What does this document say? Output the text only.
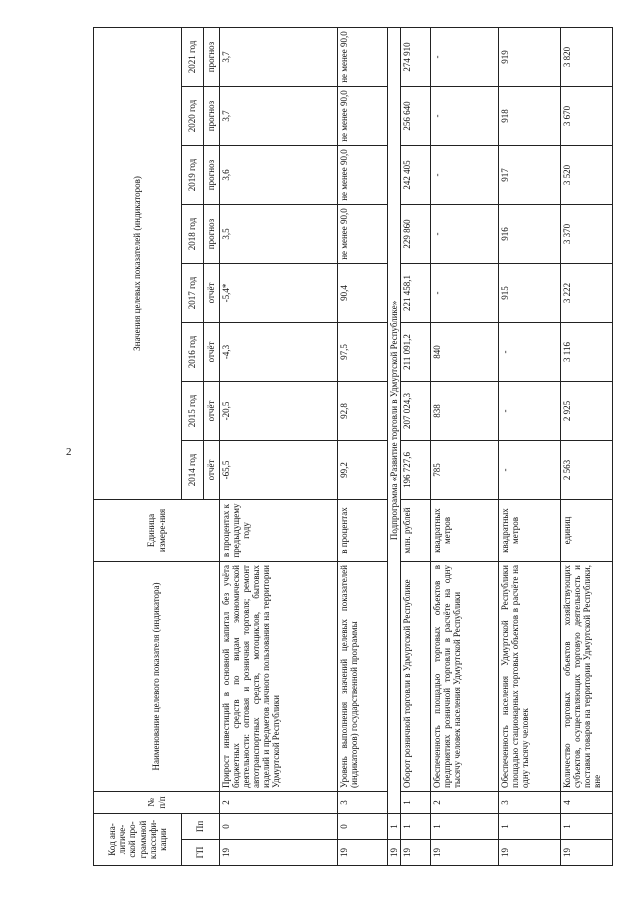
2
Код ана-литиче-ской про-граммной классифи-кации		№ п/п	Наименование целевого показателя (индикатора)	Единица измере-ния	Значения целевых показателей (индикаторов)							
ГП	Пп											
					2014 год	2015 год	2016 год	2017 год	2018 год	2019 год	2020 год	2021 год
					отчёт	отчёт	отчёт	отчёт	прогноз	прогноз	прогноз	прогноз
19	0	2	Прирост инвестиций в основной капитал без учёта бюджетных средств по видам экономической деятельности: оптовая и розничная торговля; ремонт автотранспортных средств, мотоциклов, бытовых изделий и предметов личного пользования на территории Удмуртской Республики	в процентах к предыдущему году	-65,5	-20,5	-4,3	-5,4*	3,5	3,6	3,7	3,7
19	0	3	Уровень выполнения значений целевых показателей (индикаторов) государственной программы	в процентах	99,2	92,8	97,5	90,4	не менее 90,0	не менее 90,0	не менее 90,0	не менее 90,0
19	1	Подпрограмма «Развитие торговли в Удмуртской Республике»										
19	1	1	Оборот розничной торговли в Удмуртской Республике	млн. рублей	196 727,6	207 024,3	211 091,2	221 458,1	229 860	242 405	256 640	274 910
19	1	2	Обеспеченность площадью торговых объектов в предприятиях розничной торговли в расчёте на одну тысячу человек населения Удмуртской Республики	квадратных метров	785	838	840	-	-	-	-	-
19	1	3	Обеспеченность населения Удмуртской Республики площадью стационарных торговых объектов в расчёте на одну тысячу человек	квадратных метров	-	-	-	915	916	917	918	919
19	1	4	Количество торговых объектов хозяйствующих субъектов, осуществляющих торговую деятельность и поставки товаров на территории Удмуртской Республики, вне	единиц	2 563	2 925	3 116	3 222	3 370	3 520	3 670	3 820
